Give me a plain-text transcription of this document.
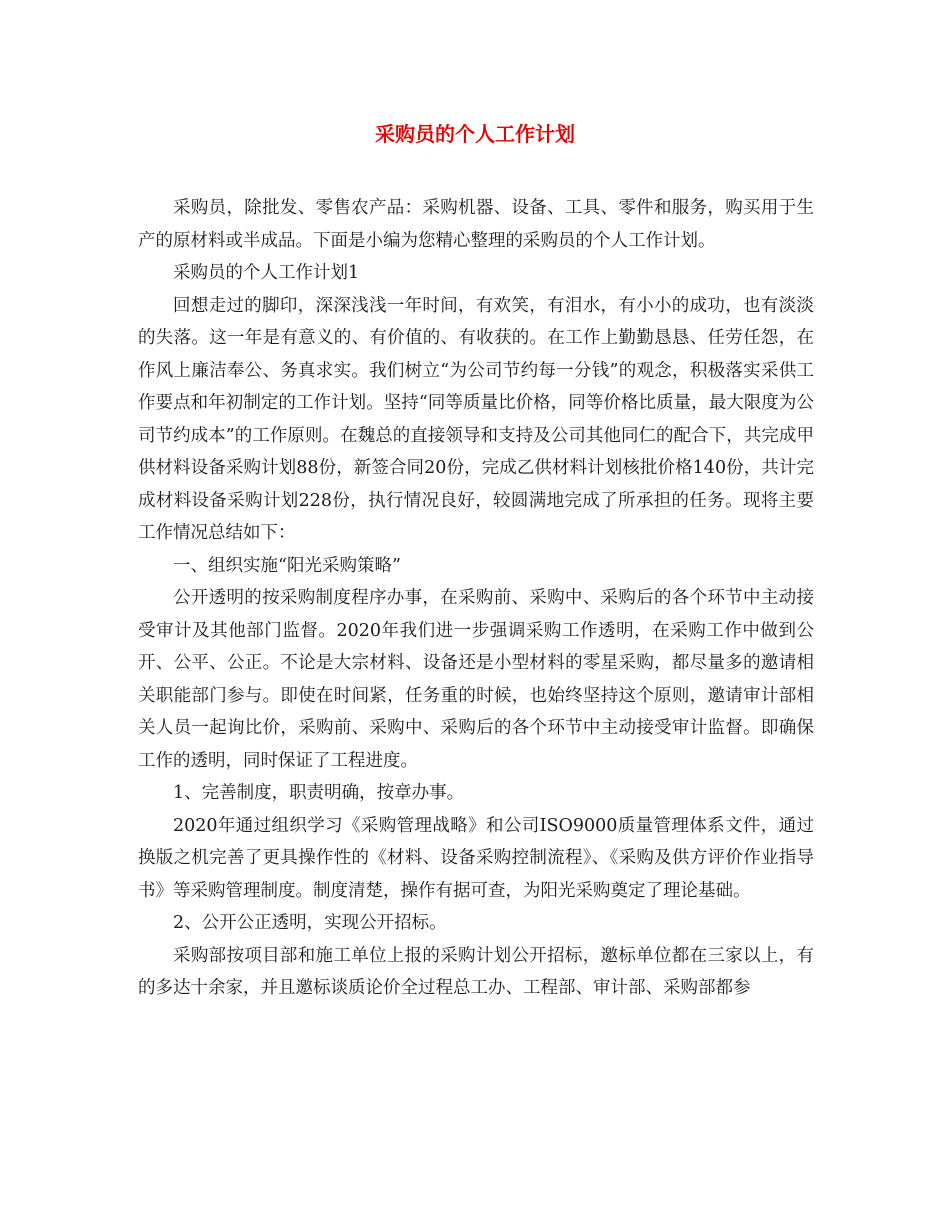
采购员的个人工作计划

采购员，除批发、零售农产品：采购机器、设备、工具、零件和服务，购买用于生产的原材料或半成品。下面是小编为您精心整理的采购员的个人工作计划。

采购员的个人工作计划1

回想走过的脚印，深深浅浅一年时间，有欢笑，有泪水，有小小的成功，也有淡淡的失落。这一年是有意义的、有价值的、有收获的。在工作上勤勤恳恳、任劳任怨，在作风上廉洁奉公、务真求实。我们树立“为公司节约每一分钱”的观念，积极落实采供工作要点和年初制定的工作计划。坚持“同等质量比价格，同等价格比质量，最大限度为公司节约成本”的工作原则。在魏总的直接领导和支持及公司其他同仁的配合下，共完成甲供材料设备采购计划88份，新签合同20份，完成乙供材料计划核批价格140份，共计完成材料设备采购计划228份，执行情况良好，较圆满地完成了所承担的任务。现将主要工作情况总结如下：

一、组织实施“阳光采购策略”

公开透明的按采购制度程序办事，在采购前、采购中、采购后的各个环节中主动接受审计及其他部门监督。2020年我们进一步强调采购工作透明，在采购工作中做到公开、公平、公正。不论是大宗材料、设备还是小型材料的零星采购，都尽量多的邀请相关职能部门参与。即使在时间紧，任务重的时候，也始终坚持这个原则，邀请审计部相关人员一起询比价，采购前、采购中、采购后的各个环节中主动接受审计监督。即确保工作的透明，同时保证了工程进度。

1、完善制度，职责明确，按章办事。

2020年通过组织学习《采购管理战略》和公司ISO9000质量管理体系文件，通过换版之机完善了更具操作性的《材料、设备采购控制流程》、《采购及供方评价作业指导书》等采购管理制度。制度清楚，操作有据可查，为阳光采购奠定了理论基础。

2、公开公正透明，实现公开招标。

采购部按项目部和施工单位上报的采购计划公开招标，邀标单位都在三家以上，有的多达十余家，并且邀标谈质论价全过程总工办、工程部、审计部、采购部都参
